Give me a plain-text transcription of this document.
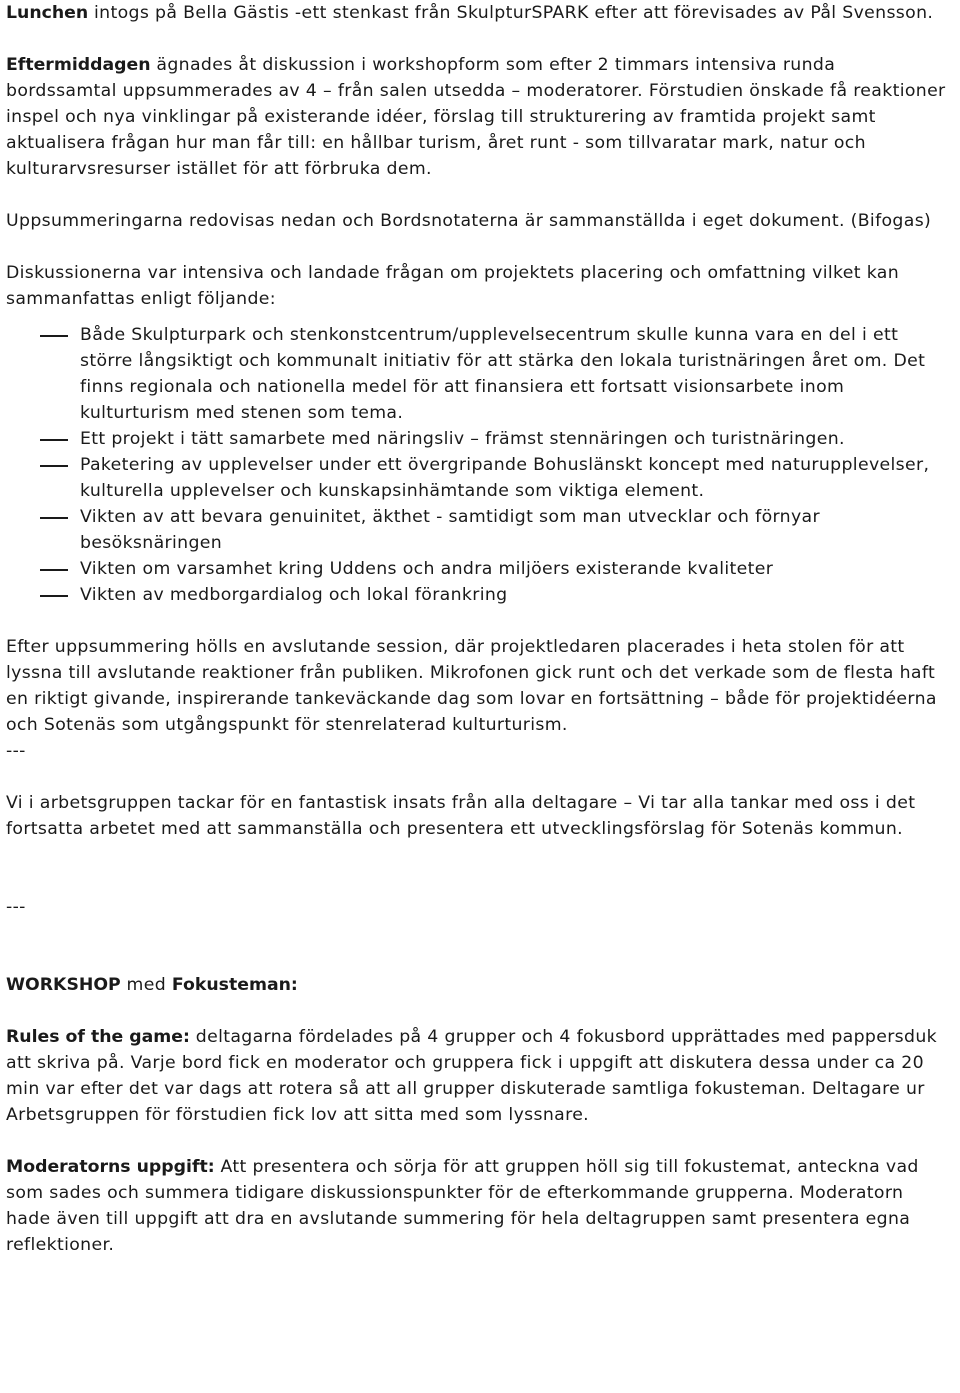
Lunchen intogs på Bella Gästis -ett stenkast från SkulpturSPARK efter att förevisades av Pål Svensson.

Eftermiddagen ägnades åt diskussion i workshopform som efter 2 timmars intensiva runda bordssamtal uppsummerades av 4 – från salen utsedda – moderatorer. Förstudien önskade få reaktioner inspel och nya vinklingar på existerande idéer, förslag till strukturering av framtida projekt samt aktualisera frågan hur man får till: en hållbar turism, året runt - som tillvaratar mark, natur och kulturarvsresurser istället för att förbruka dem.

Uppsummeringarna redovisas nedan och Bordsnotaterna är sammanställda i eget dokument. (Bifogas)

Diskussionerna var intensiva och landade frågan om projektets placering och omfattning vilket kan sammanfattas enligt följande:

Både Skulpturpark och stenkonstcentrum/upplevelsecentrum skulle kunna vara en del i ett större långsiktigt och kommunalt initiativ för att stärka den lokala turistnäringen året om. Det finns regionala och nationella medel för att finansiera ett fortsatt visionsarbete inom kulturturism med stenen som tema.
Ett projekt i tätt samarbete med näringsliv – främst stennäringen och turistnäringen.
Paketering av upplevelser under ett övergripande Bohuslänskt koncept med naturupplevelser, kulturella upplevelser och kunskapsinhämtande som viktiga element.
Vikten av att bevara genuinitet, äkthet - samtidigt som man utvecklar och förnyar besöksnäringen
Vikten om varsamhet kring Uddens och andra miljöers existerande kvaliteter
Vikten av medborgardialog och lokal förankring

Efter uppsummering hölls en avslutande session, där projektledaren placerades i heta stolen för att lyssna till avslutande reaktioner från publiken. Mikrofonen gick runt och det verkade som de flesta haft en riktigt givande, inspirerande tankeväckande dag som lovar en fortsättning – både för projektidéerna och Sotenäs som utgångspunkt för stenrelaterad kulturturism.

---

Vi i arbetsgruppen tackar för en fantastisk insats från alla deltagare – Vi tar alla tankar med oss i det fortsatta arbetet med att sammanställa och presentera ett utvecklingsförslag för Sotenäs kommun.

---

WORKSHOP med Fokusteman:

Rules of the game: deltagarna fördelades på 4 grupper och 4 fokusbord upprättades med pappersduk att skriva på. Varje bord fick en moderator och gruppera fick i uppgift att diskutera dessa under ca 20 min var efter det var dags att rotera så att all grupper diskuterade samtliga fokusteman. Deltagare ur Arbetsgruppen för förstudien fick lov att sitta med som lyssnare.

Moderatorns uppgift: Att presentera och sörja för att gruppen höll sig till fokustemat, anteckna vad som sades och summera tidigare diskussionspunkter för de efterkommande grupperna. Moderatorn hade även till uppgift att dra en avslutande summering för hela deltagruppen samt presentera egna reflektioner.
